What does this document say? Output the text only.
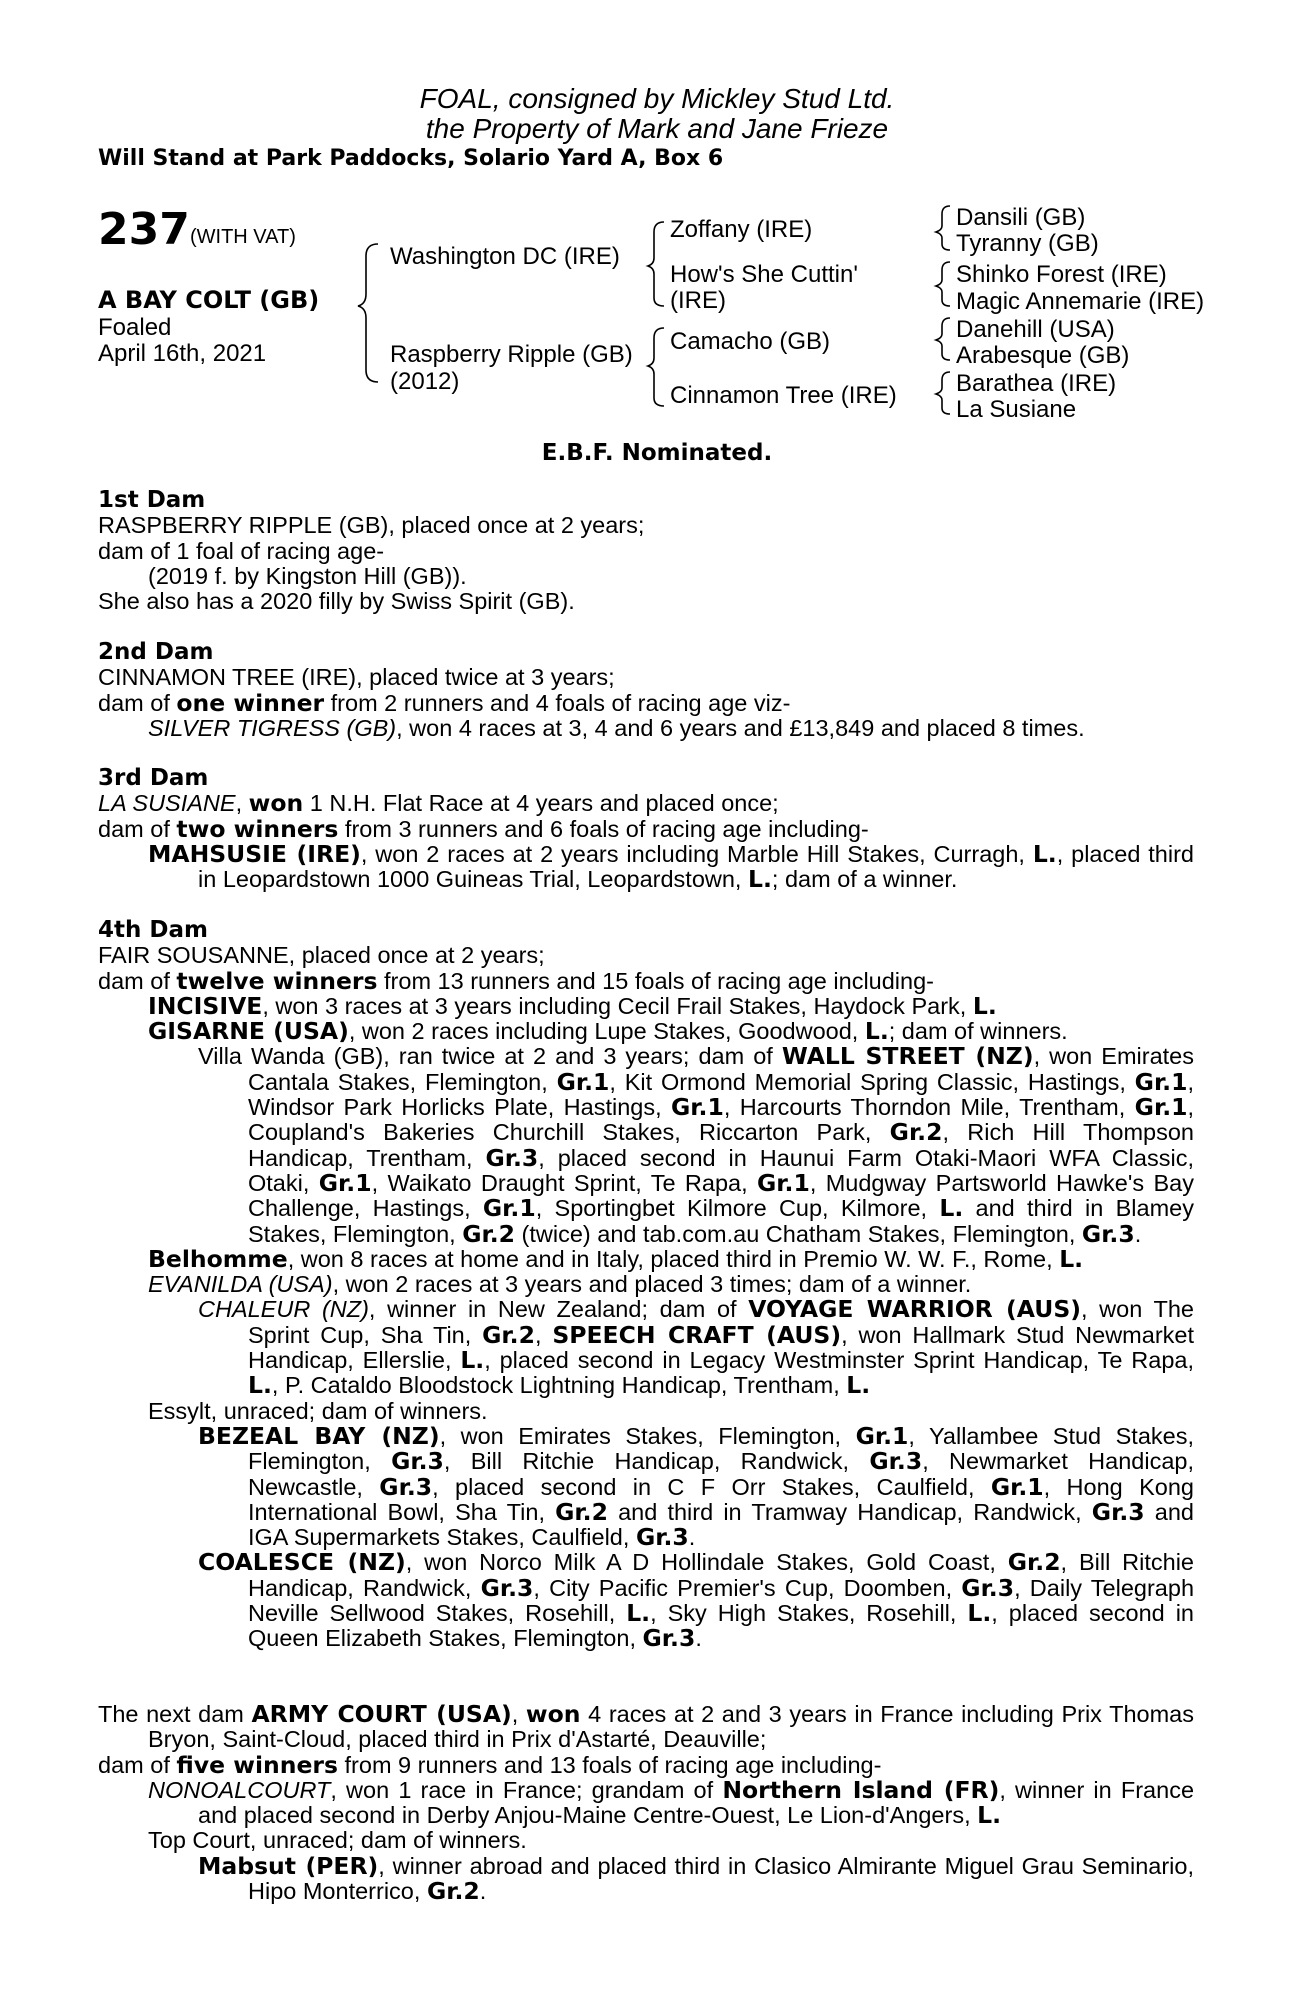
FOAL, consigned by Mickley Stud Ltd.
the Property of Mark and Jane Frieze
Will Stand at Park Paddocks, Solario Yard A, Box 6
237 (WITH VAT)
A BAY COLT (GB)
Foaled
April 16th, 2021
Washington DC (IRE)
Raspberry Ripple (GB)
(2012)
Zoffany (IRE)
How's She Cuttin'
(IRE)
Camacho (GB)
Cinnamon Tree (IRE)
Dansili (GB)
Tyranny (GB)
Shinko Forest (IRE)
Magic Annemarie (IRE)
Danehill (USA)
Arabesque (GB)
Barathea (IRE)
La Susiane
E.B.F. Nominated.
1st Dam
RASPBERRY RIPPLE (GB), placed once at 2 years;
dam of 1 foal of racing age-
(2019 f. by Kingston Hill (GB)).
She also has a 2020 filly by Swiss Spirit (GB).
2nd Dam
CINNAMON TREE (IRE), placed twice at 3 years;
dam of one winner from 2 runners and 4 foals of racing age viz-
SILVER TIGRESS (GB), won 4 races at 3, 4 and 6 years and £13,849 and placed 8 times.
3rd Dam
LA SUSIANE, won 1 N.H. Flat Race at 4 years and placed once;
dam of two winners from 3 runners and 6 foals of racing age including-
MAHSUSIE (IRE), won 2 races at 2 years including Marble Hill Stakes, Curragh, L., placed third in Leopardstown 1000 Guineas Trial, Leopardstown, L.; dam of a winner.
4th Dam
FAIR SOUSANNE, placed once at 2 years;
dam of twelve winners from 13 runners and 15 foals of racing age including-
INCISIVE, won 3 races at 3 years including Cecil Frail Stakes, Haydock Park, L.
GISARNE (USA), won 2 races including Lupe Stakes, Goodwood, L.; dam of winners.
Villa Wanda (GB), ran twice at 2 and 3 years; dam of WALL STREET (NZ), won Emirates Cantala Stakes, Flemington, Gr.1, Kit Ormond Memorial Spring Classic, Hastings, Gr.1, Windsor Park Horlicks Plate, Hastings, Gr.1, Harcourts Thorndon Mile, Trentham, Gr.1, Coupland's Bakeries Churchill Stakes, Riccarton Park, Gr.2, Rich Hill Thompson Handicap, Trentham, Gr.3, placed second in Haunui Farm Otaki-Maori WFA Classic, Otaki, Gr.1, Waikato Draught Sprint, Te Rapa, Gr.1, Mudgway Partsworld Hawke's Bay Challenge, Hastings, Gr.1, Sportingbet Kilmore Cup, Kilmore, L. and third in Blamey Stakes, Flemington, Gr.2 (twice) and tab.com.au Chatham Stakes, Flemington, Gr.3.
Belhomme, won 8 races at home and in Italy, placed third in Premio W. W. F., Rome, L.
EVANILDA (USA), won 2 races at 3 years and placed 3 times; dam of a winner.
CHALEUR (NZ), winner in New Zealand; dam of VOYAGE WARRIOR (AUS), won The Sprint Cup, Sha Tin, Gr.2, SPEECH CRAFT (AUS), won Hallmark Stud Newmarket Handicap, Ellerslie, L., placed second in Legacy Westminster Sprint Handicap, Te Rapa, L., P. Cataldo Bloodstock Lightning Handicap, Trentham, L.
Essylt, unraced; dam of winners.
BEZEAL BAY (NZ), won Emirates Stakes, Flemington, Gr.1, Yallambee Stud Stakes, Flemington, Gr.3, Bill Ritchie Handicap, Randwick, Gr.3, Newmarket Handicap, Newcastle, Gr.3, placed second in C F Orr Stakes, Caulfield, Gr.1, Hong Kong International Bowl, Sha Tin, Gr.2 and third in Tramway Handicap, Randwick, Gr.3 and IGA Supermarkets Stakes, Caulfield, Gr.3.
COALESCE (NZ), won Norco Milk A D Hollindale Stakes, Gold Coast, Gr.2, Bill Ritchie Handicap, Randwick, Gr.3, City Pacific Premier's Cup, Doomben, Gr.3, Daily Telegraph Neville Sellwood Stakes, Rosehill, L., Sky High Stakes, Rosehill, L., placed second in Queen Elizabeth Stakes, Flemington, Gr.3.
The next dam ARMY COURT (USA), won 4 races at 2 and 3 years in France including Prix Thomas Bryon, Saint-Cloud, placed third in Prix d'Astarté, Deauville;
dam of five winners from 9 runners and 13 foals of racing age including-
NONOALCOURT, won 1 race in France; grandam of Northern Island (FR), winner in France and placed second in Derby Anjou-Maine Centre-Ouest, Le Lion-d'Angers, L.
Top Court, unraced; dam of winners.
Mabsut (PER), winner abroad and placed third in Clasico Almirante Miguel Grau Seminario, Hipo Monterrico, Gr.2.
